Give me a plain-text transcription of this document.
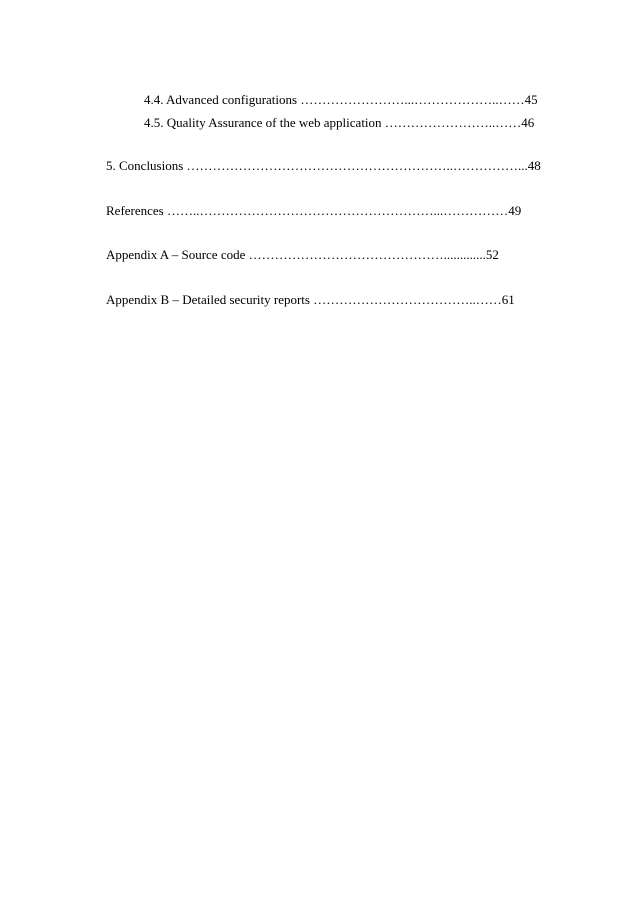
4.4. Advanced configurations ……………………...………………..……45
4.5. Quality Assurance of the web application ……………………..……46
5. Conclusions ……………………………………………………..……………...48
References ……..………………………………………………...……………49
Appendix A – Source code ……………………………………….............52
Appendix B – Detailed security reports ………………………………..……61
